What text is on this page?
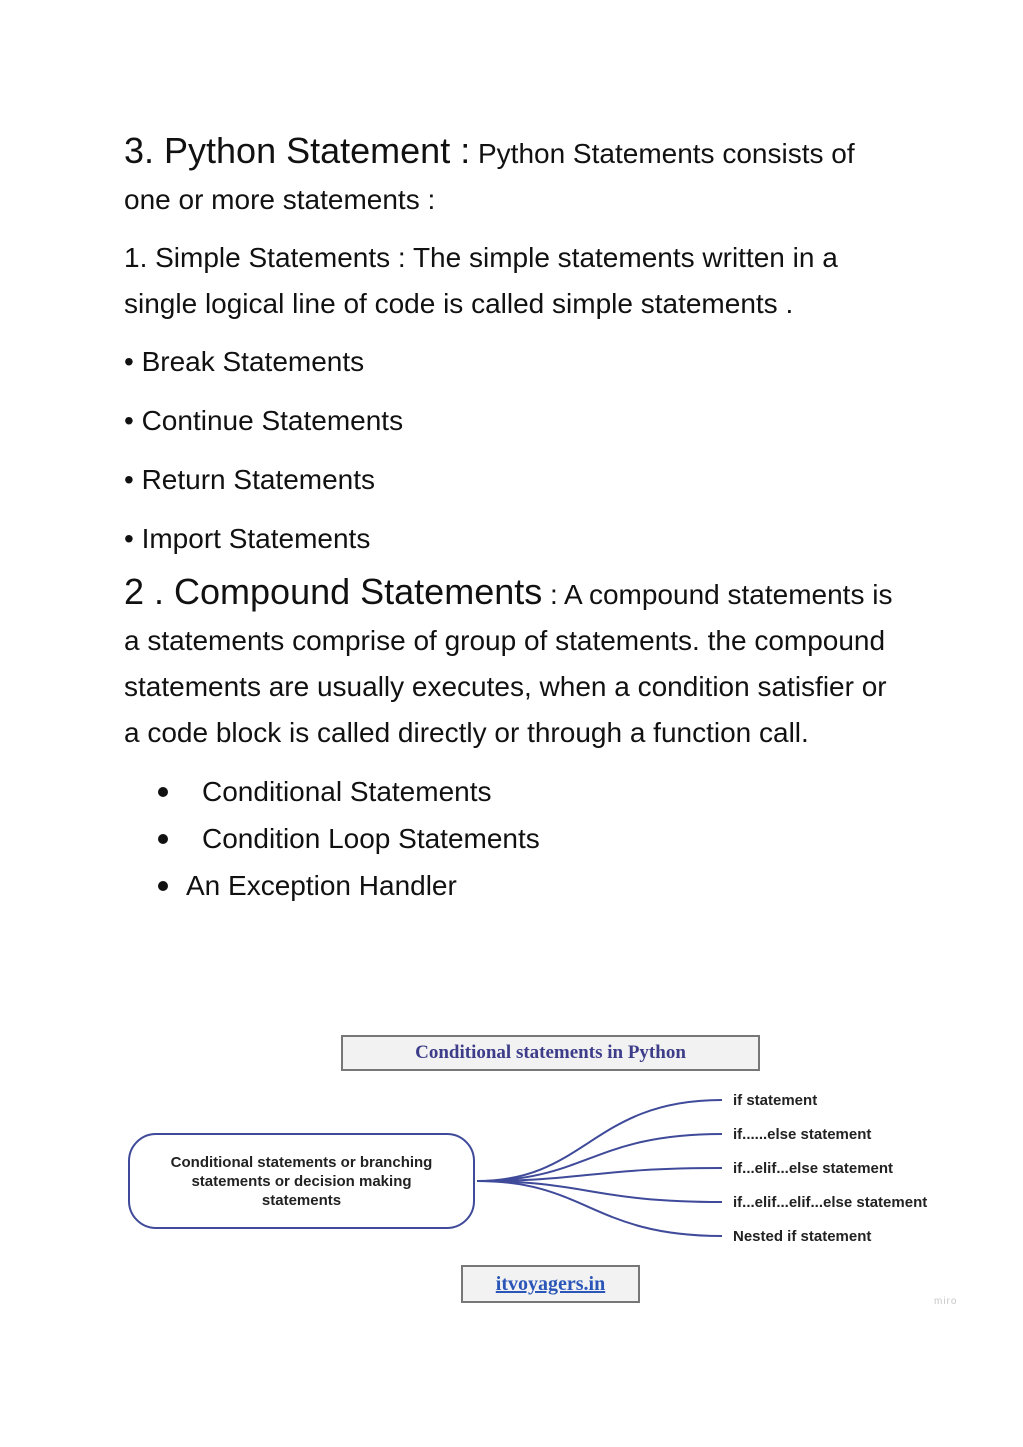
3. Python Statement : Python Statements consists of one or more statements :

1. Simple Statements : The simple statements written in a single logical line of code is called simple statements .

• Break Statements
• Continue Statements
• Return Statements
• Import Statements

2 . Compound Statements : A compound statements is a statements comprise of group of statements. the compound statements are usually executes, when a condition satisfier or a code block is called directly or through a function call.

Conditional Statements
Condition Loop Statements
An Exception Handler
Conditional statements in Python
Conditional statements or branching statements or decision making statements
if statement
if......else statement
if...elif...else statement
if...elif...elif...else statement
Nested if statement
itvoyagers.in
miro
